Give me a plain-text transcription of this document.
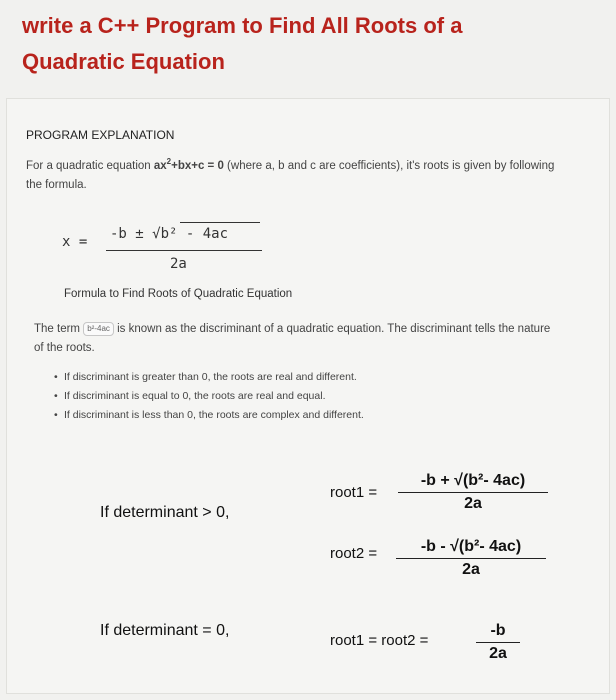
write a C++ Program to Find All Roots of a
Quadratic Equation
PROGRAM EXPLANATION
For a quadratic equation $ax^2+bx+c = 0$ (where a, b and c are coefficients), it's roots is given by following the formula.
x = -b ± √b² - 4ac
2a
Formula to Find Roots of Quadratic Equation
The term b²-4ac is known as the discriminant of a quadratic equation. The discriminant tells the nature of the roots.
• If discriminant is greater than 0, the roots are real and different.
• If discriminant is equal to 0, the roots are real and equal.
• If discriminant is less than 0, the roots are complex and different.
If determinant > 0,
root1 =
-b + √(b²- 4ac)
2a
root2 =	-b - √(b²- 4ac)
2a
If determinant = 0,
root1 = root2 =
-b
2a
